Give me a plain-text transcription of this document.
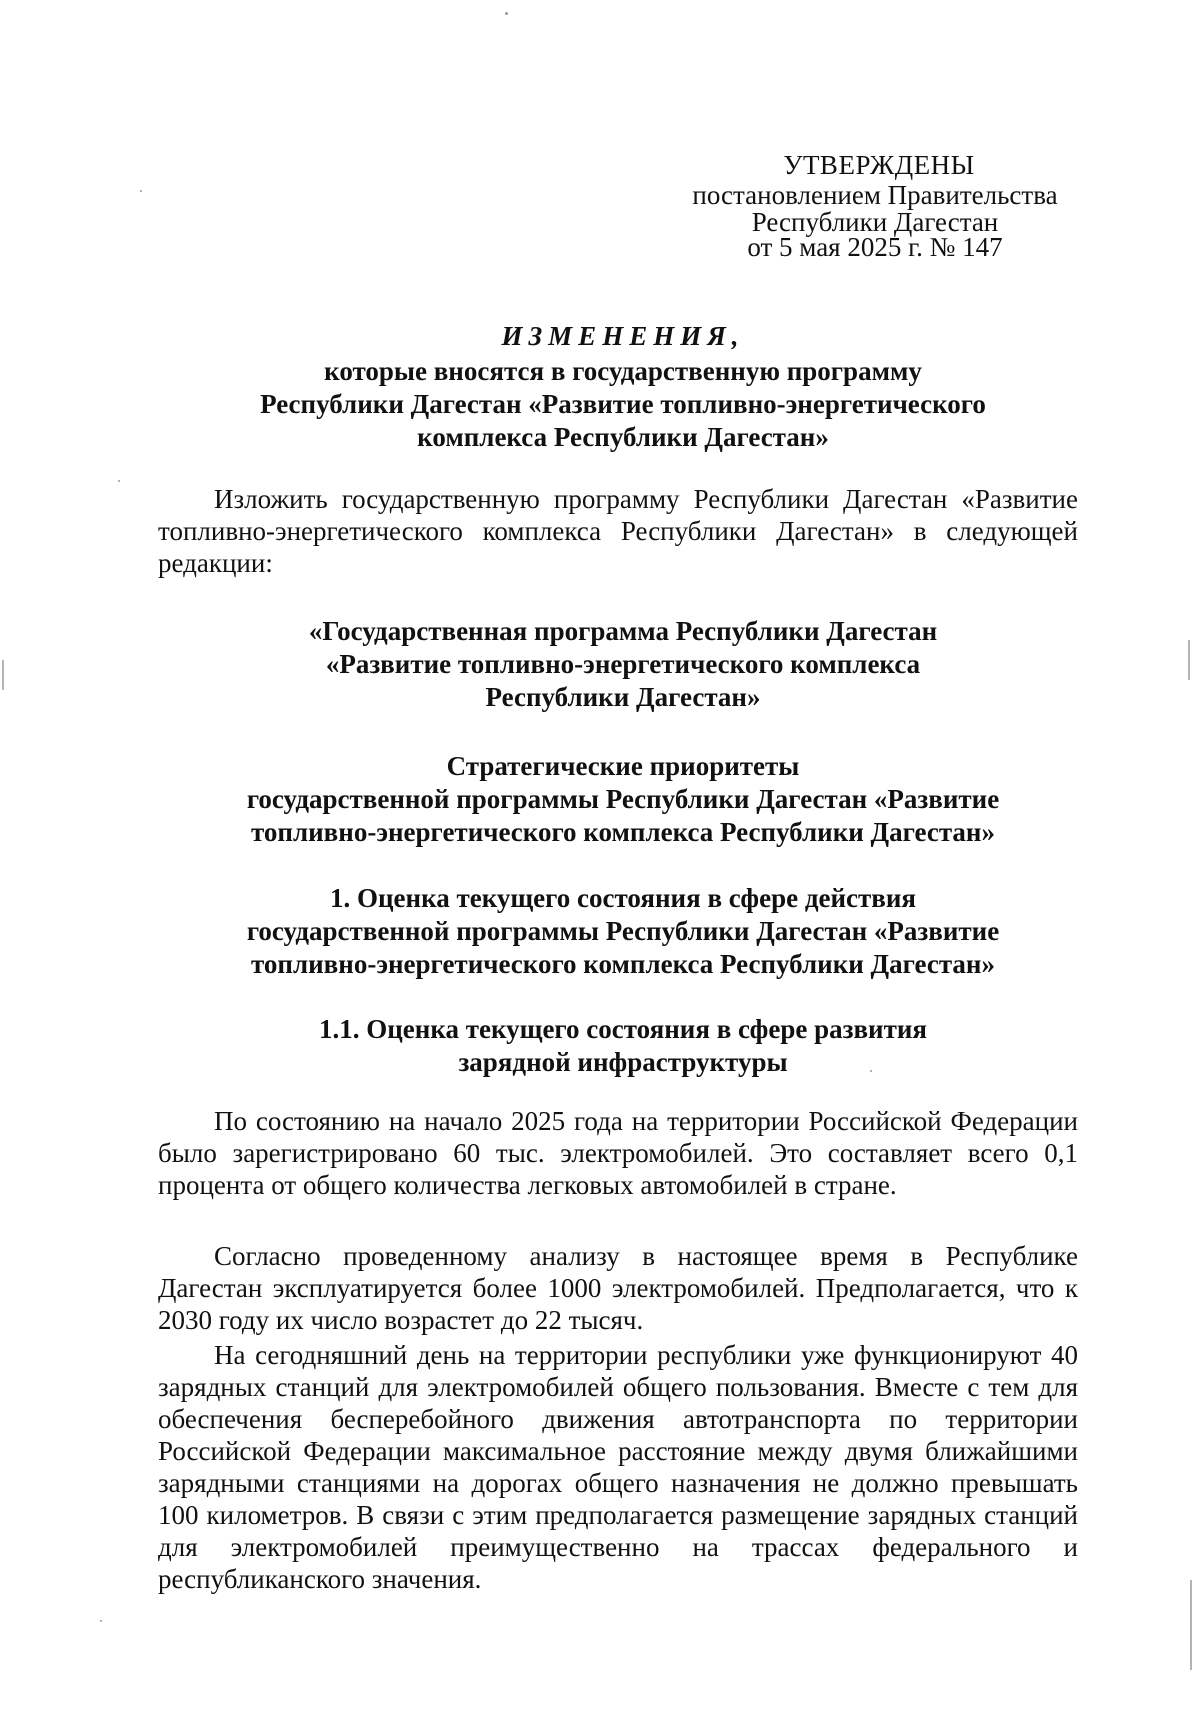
УТВЕРЖДЕНЫ
постановлением Правительства
Республики Дагестан
от 5 мая 2025 г. № 147
ИЗМЕНЕНИЯ,
которые вносятся в государственную программу
Республики Дагестан «Развитие топливно-энергетического
комплекса Республики Дагестан»

Изложить государственную программу Республики Дагестан «Развитие топливно-энергетического комплекса Республики Дагестан» в следующей редакции:

«Государственная программа Республики Дагестан
«Развитие топливно-энергетического комплекса
Республики Дагестан»
Стратегические приоритеты
государственной программы Республики Дагестан «Развитие
топливно-энергетического комплекса Республики Дагестан»
1. Оценка текущего состояния в сфере действия
государственной программы Республики Дагестан «Развитие
топливно-энергетического комплекса Республики Дагестан»
1.1. Оценка текущего состояния в сфере развития
зарядной инфраструктуры

По состоянию на начало 2025 года на территории Российской Федерации было зарегистрировано 60 тыс. электромобилей. Это составляет всего 0,1 процента от общего количества легковых автомобилей в стране.

Согласно проведенному анализу в настоящее время в Республике Дагестан эксплуатируется более 1000 электромобилей. Предполагается, что к 2030 году их число возрастет до 22 тысяч.

На сегодняшний день на территории республики уже функционируют 40 зарядных станций для электромобилей общего пользования. Вместе с тем для обеспечения бесперебойного движения автотранспорта по территории Российской Федерации максимальное расстояние между двумя ближайшими зарядными станциями на дорогах общего назначения не должно превышать 100 километров. В связи с этим предполагается размещение зарядных станций для электромобилей преимущественно на трассах федерального и республиканского значения.
